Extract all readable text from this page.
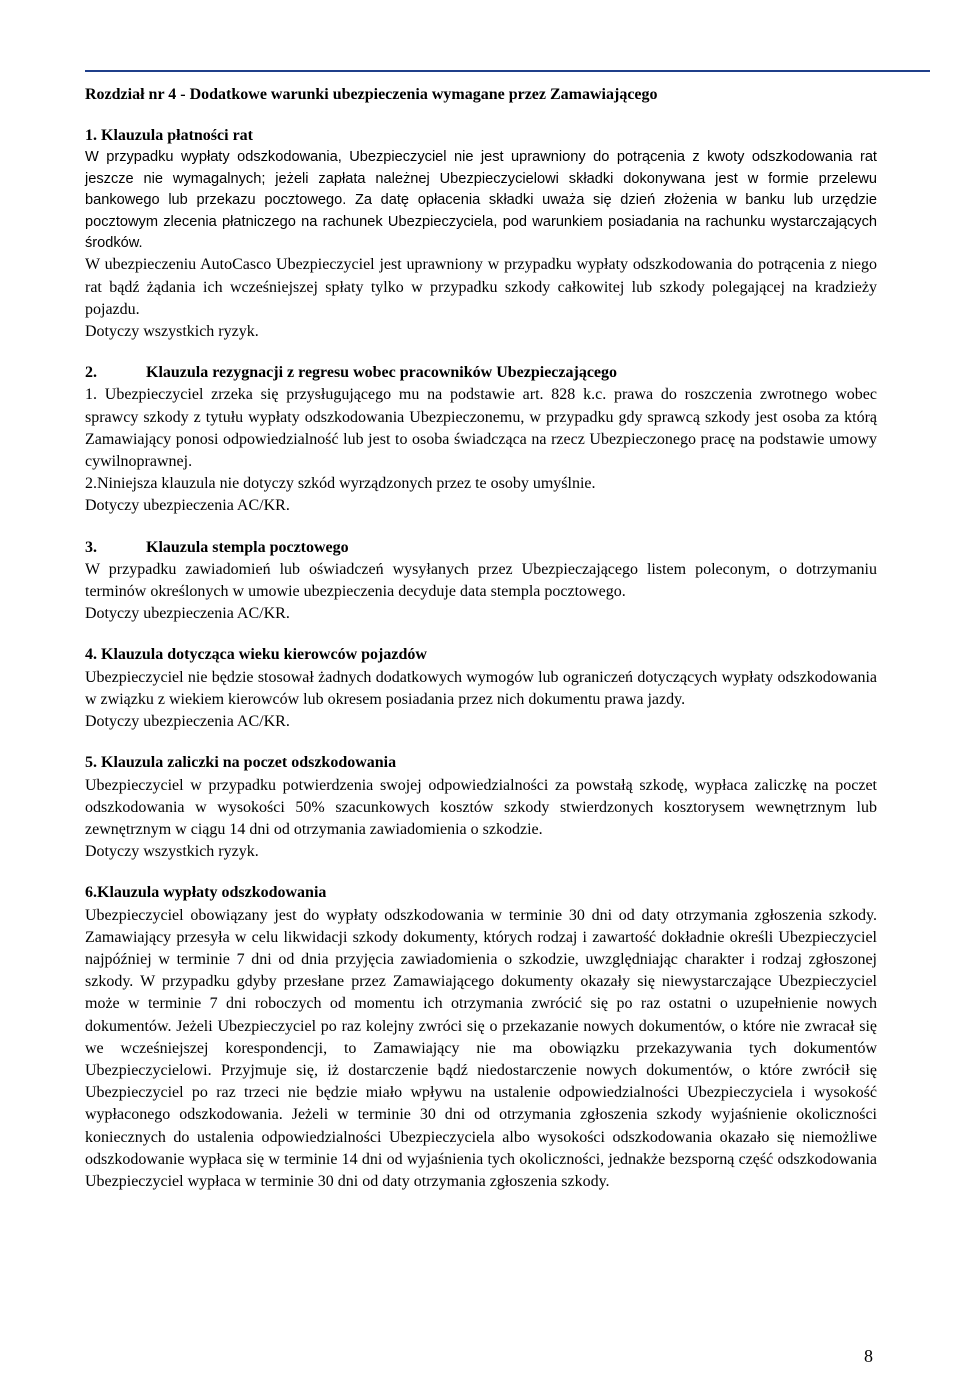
Rozdział nr 4 - Dodatkowe warunki ubezpieczenia wymagane przez Zamawiającego
1. Klauzula płatności rat

W przypadku wypłaty odszkodowania, Ubezpieczyciel nie jest uprawniony do potrącenia z kwoty odszkodowania rat jeszcze nie wymagalnych; jeżeli zapłata należnej Ubezpieczycielowi składki dokonywana jest w formie przelewu bankowego lub przekazu pocztowego. Za datę opłacenia składki uważa się dzień złożenia w banku lub urzędzie pocztowym zlecenia płatniczego na rachunek Ubezpieczyciela, pod warunkiem posiadania na rachunku wystarczających środków.

W ubezpieczeniu AutoCasco Ubezpieczyciel jest uprawniony w przypadku wypłaty odszkodowania do potrącenia z niego rat bądź żądania ich wcześniejszej spłaty tylko w przypadku szkody całkowitej lub szkody polegającej na kradzieży pojazdu.

Dotyczy wszystkich ryzyk.

2.	Klauzula rezygnacji z regresu wobec pracowników Ubezpieczającego

1. Ubezpieczyciel zrzeka się przysługującego mu na podstawie art. 828 k.c. prawa do roszczenia zwrotnego wobec sprawcy szkody z tytułu wypłaty odszkodowania Ubezpieczonemu, w przypadku gdy sprawcą szkody jest osoba za którą Zamawiający ponosi odpowiedzialność lub jest to osoba świadcząca na rzecz Ubezpieczonego pracę na podstawie umowy cywilnoprawnej.

2.Niniejsza klauzula nie dotyczy szkód wyrządzonych przez te osoby umyślnie.

Dotyczy ubezpieczenia AC/KR.

3.	Klauzula stempla pocztowego

W przypadku zawiadomień lub oświadczeń wysyłanych przez Ubezpieczającego listem poleconym, o dotrzymaniu terminów określonych w umowie ubezpieczenia decyduje data stempla pocztowego.

Dotyczy ubezpieczenia AC/KR.

4. Klauzula dotycząca wieku kierowców pojazdów

Ubezpieczyciel nie będzie stosował żadnych dodatkowych wymogów lub ograniczeń dotyczących wypłaty odszkodowania w związku z wiekiem kierowców lub okresem posiadania przez nich dokumentu prawa jazdy.

Dotyczy ubezpieczenia AC/KR.

5. Klauzula zaliczki na poczet odszkodowania

Ubezpieczyciel w przypadku potwierdzenia swojej odpowiedzialności za powstałą szkodę, wypłaca zaliczkę na poczet odszkodowania w wysokości 50% szacunkowych kosztów szkody stwierdzonych kosztorysem wewnętrznym lub zewnętrznym w ciągu 14 dni od otrzymania zawiadomienia o szkodzie.

Dotyczy wszystkich ryzyk.

6.Klauzula wypłaty odszkodowania

Ubezpieczyciel obowiązany jest do wypłaty odszkodowania w terminie 30 dni od daty otrzymania zgłoszenia szkody. Zamawiający przesyła w celu likwidacji szkody dokumenty, których rodzaj i zawartość dokładnie określi Ubezpieczyciel najpóźniej w terminie 7 dni od dnia przyjęcia zawiadomienia o szkodzie, uwzględniając charakter i rodzaj zgłoszonej szkody. W przypadku gdyby przesłane przez Zamawiającego dokumenty okazały się niewystarczające Ubezpieczyciel może w terminie 7 dni roboczych od momentu ich otrzymania zwrócić się po raz ostatni o uzupełnienie nowych dokumentów. Jeżeli Ubezpieczyciel po raz kolejny zwróci się o przekazanie nowych dokumentów, o które nie zwracał się we wcześniejszej korespondencji, to Zamawiający nie ma obowiązku przekazywania tych dokumentów Ubezpieczycielowi. Przyjmuje się, iż dostarczenie bądź niedostarczenie nowych dokumentów, o które zwrócił się Ubezpieczyciel po raz trzeci nie będzie miało wpływu na ustalenie odpowiedzialności Ubezpieczyciela i wysokość wypłaconego odszkodowania. Jeżeli w terminie 30 dni od otrzymania zgłoszenia szkody wyjaśnienie okoliczności koniecznych do ustalenia odpowiedzialności Ubezpieczyciela albo wysokości odszkodowania okazało się niemożliwe odszkodowanie wypłaca się w terminie 14 dni od wyjaśnienia tych okoliczności, jednakże bezsporną część odszkodowania Ubezpieczyciel wypłaca w terminie 30 dni od daty otrzymania zgłoszenia szkody.

8
